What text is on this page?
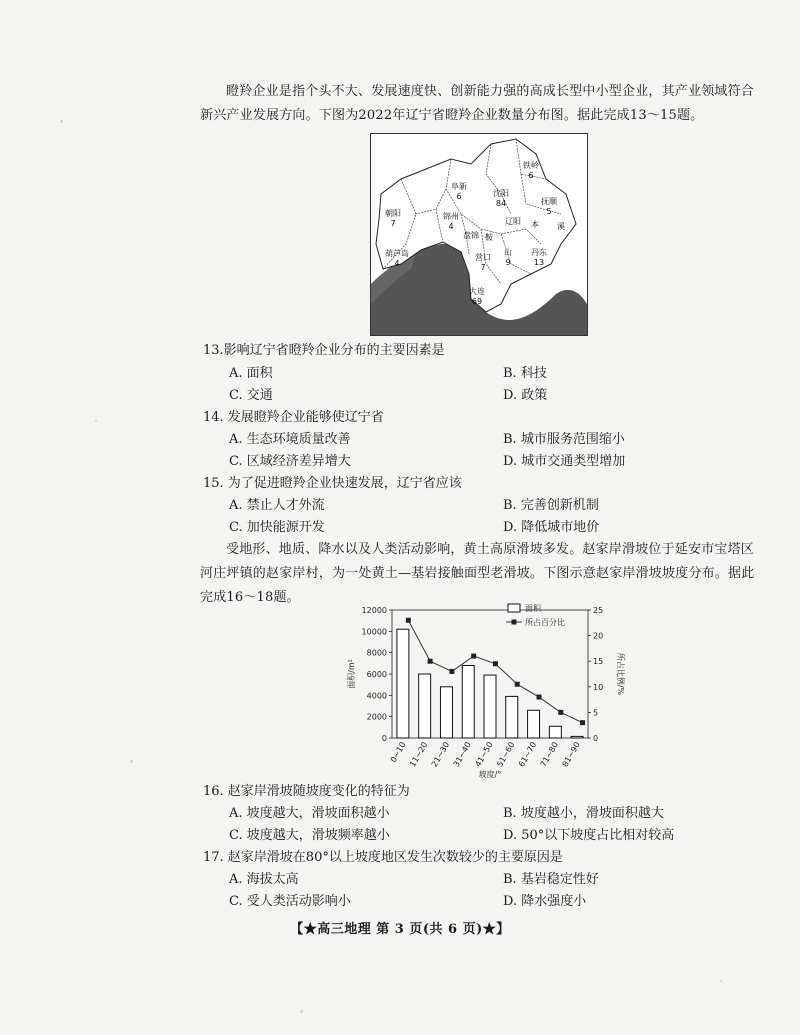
瞪羚企业是指个头不大、发展速度快、创新能力强的高成长型中小型企业，其产业领域符合新兴产业发展方向。下图为2022年辽宁省瞪羚企业数量分布图。据此完成13～15题。
铁岭
6
阜新
6	沈阳
84	抚顺
5
朝阳
7
锦州
4
辽阳 本 溪
盘锦 鞍
葫芦岛
4
营口
7
山
9
丹东
13
大连
69
13.影响辽宁省瞪羚企业分布的主要因素是
A. 面积	B. 科技
C. 交通	D. 政策
14. 发展瞪羚企业能够使辽宁省
A. 生态环境质量改善	B. 城市服务范围缩小
C. 区域经济差异增大	D. 城市交通类型增加
15. 为了促进瞪羚企业快速发展，辽宁省应该
A. 禁止人才外流	B. 完善创新机制
C. 加快能源开发	D. 降低城市地价
受地形、地质、降水以及人类活动影响，黄土高原滑坡多发。赵家岸滑坡位于延安市宝塔区河庄坪镇的赵家岸村，为一处黄土—基岩接触面型老滑坡。下图示意赵家岸滑坡坡度分布。据此完成16～18题。
0
2000
4000
6000
8000
10000
12000
0
5
10
15
20
25
面积/m²	所占比例/%
坡度/°
0~10 11~20 21~30 31~40 41~50 51~60 61~70 71~80 81~90
面积
所占百分比
16. 赵家岸滑坡随坡度变化的特征为
A. 坡度越大，滑坡面积越小	B. 坡度越小，滑坡面积越大
C. 坡度越大，滑坡频率越小	D. 50°以下坡度占比相对较高
17. 赵家岸滑坡在80°以上坡度地区发生次数较少的主要原因是
A. 海拔太高	B. 基岩稳定性好
C. 受人类活动影响小	D. 降水强度小
【★高三地理 第 3 页(共 6 页)★】
